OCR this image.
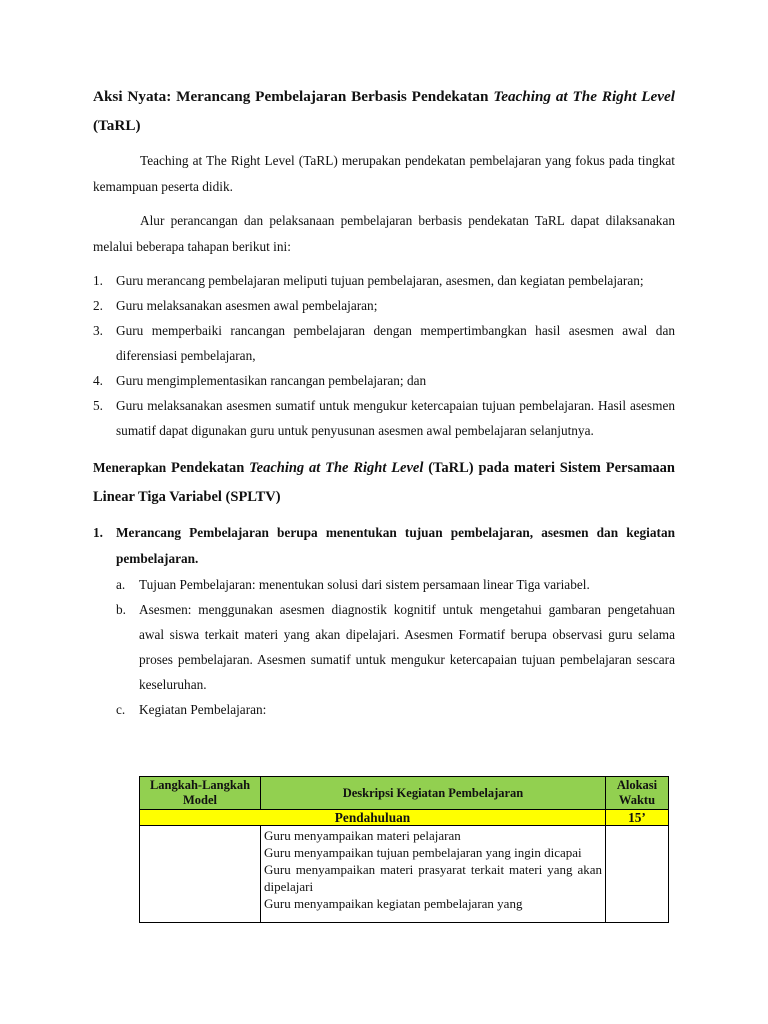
Aksi Nyata: Merancang Pembelajaran Berbasis Pendekatan Teaching at The Right Level (TaRL)

Teaching at The Right Level (TaRL) merupakan pendekatan pembelajaran yang fokus pada tingkat kemampuan peserta didik.

Alur perancangan dan pelaksanaan pembelajaran berbasis pendekatan TaRL dapat dilaksanakan melalui beberapa tahapan berikut ini:

1. Guru merancang pembelajaran meliputi tujuan pembelajaran, asesmen, dan kegiatan pembelajaran;
2. Guru melaksanakan asesmen awal pembelajaran;
3. Guru memperbaiki rancangan pembelajaran dengan mempertimbangkan hasil asesmen awal dan diferensiasi pembelajaran,
4. Guru mengimplementasikan rancangan pembelajaran; dan
5. Guru melaksanakan asesmen sumatif untuk mengukur ketercapaian tujuan pembelajaran. Hasil asesmen sumatif dapat digunakan guru untuk penyusunan asesmen awal pembelajaran selanjutnya.
Menerapkan Pendekatan Teaching at The Right Level (TaRL) pada materi Sistem Persamaan Linear Tiga Variabel (SPLTV)
1. Merancang Pembelajaran berupa menentukan tujuan pembelajaran, asesmen dan kegiatan pembelajaran.
a. Tujuan Pembelajaran: menentukan solusi dari sistem persamaan linear Tiga variabel.
b. Asesmen: menggunakan asesmen diagnostik kognitif untuk mengetahui gambaran pengetahuan awal siswa terkait materi yang akan dipelajari. Asesmen Formatif berupa observasi guru selama proses pembelajaran. Asesmen sumatif untuk mengukur ketercapaian tujuan pembelajaran sescara keseluruhan.
c. Kegiatan Pembelajaran:
Langkah-Langkah Model	Deskripsi Kegiatan Pembelajaran	Alokasi Waktu
Pendahuluan		15’

	Guru menyampaikan materi pelajaran
Guru menyampaikan tujuan pembelajaran yang ingin dicapai
Guru menyampaikan materi prasyarat terkait materi yang akan dipelajari
Guru menyampaikan kegiatan pembelajaran yang	
